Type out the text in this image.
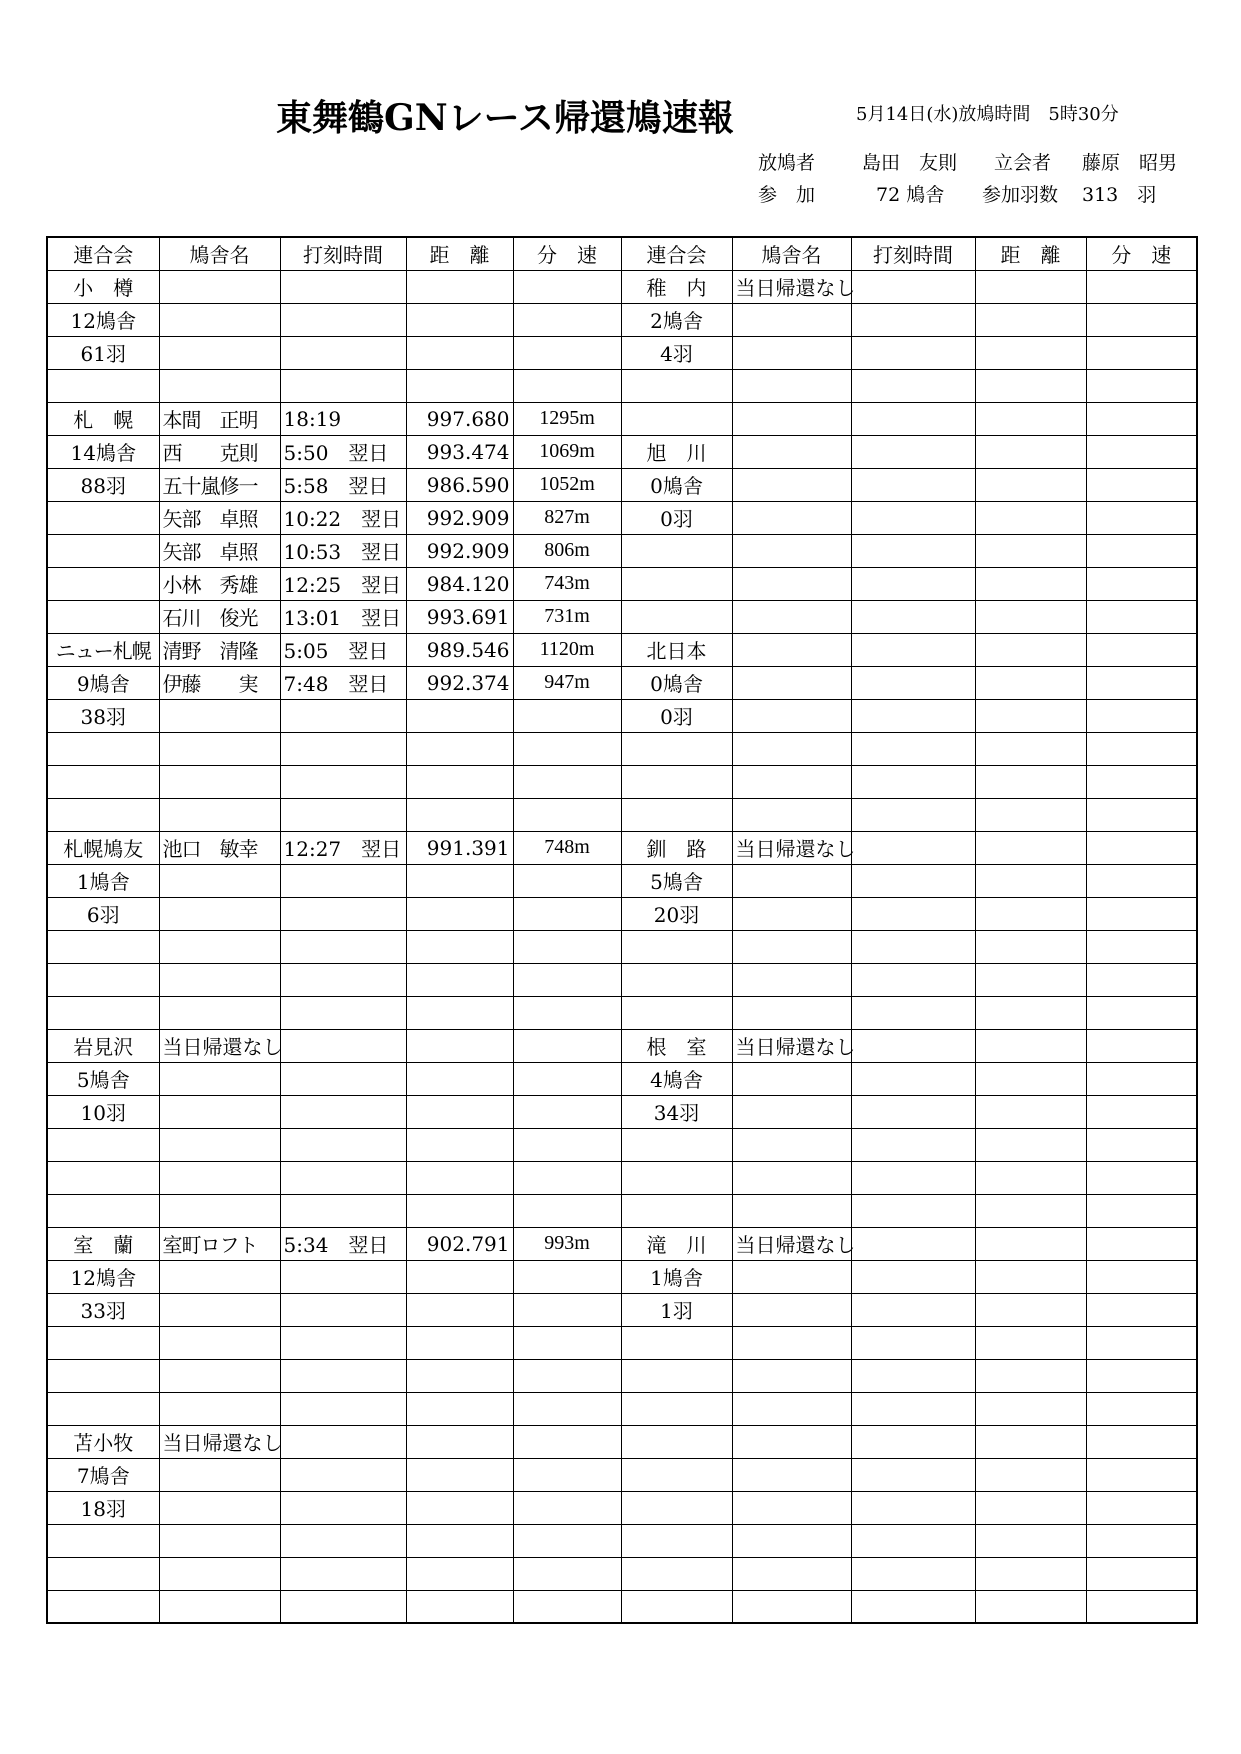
東舞鶴GNレース帰還鳩速報	5月14日(水)放鳩時間　5時30分
放鳩者 島田　友則 立会者 藤原　昭男
参　加	72 鳩舎 参加羽数 313　羽
連合会	鳩舎名	打刻時間	距　離	分　速	連合会	鳩舎名	打刻時間	距　離	分　速
小　樽					稚　内	当日帰還なし			
12鳩舎					2鳩舎				
61羽					4羽				

札　幌	本間　正明	18:19	997.680	1295m					
14鳩舎	西　　克則	5:50　翌日	993.474	1069m	旭　川				
88羽	五十嵐修一	5:58　翌日	986.590	1052m	0鳩舎				
	矢部　卓照	10:22　翌日	992.909	827m	0羽				
	矢部　卓照	10:53　翌日	992.909	806m					
	小林　秀雄	12:25　翌日	984.120	743m					
	石川　俊光	13:01　翌日	993.691	731m					
ニュー札幌	清野　清隆	5:05　翌日	989.546	1120m	北日本				
9鳩舎	伊藤　　実	7:48　翌日	992.374	947m	0鳩舎				
38羽					0羽				

札幌鳩友	池口　敏幸	12:27　翌日	991.391	748m	釧　路	当日帰還なし			
1鳩舎					5鳩舎				
6羽					20羽				

岩見沢	当日帰還なし				根　室	当日帰還なし			
5鳩舎					4鳩舎				
10羽					34羽				

室　蘭	室町ロフト	5:34　翌日	902.791	993m	滝　川	当日帰還なし			
12鳩舎					1鳩舎				
33羽					1羽				

苫小牧	当日帰還なし								
7鳩舎									
18羽									
